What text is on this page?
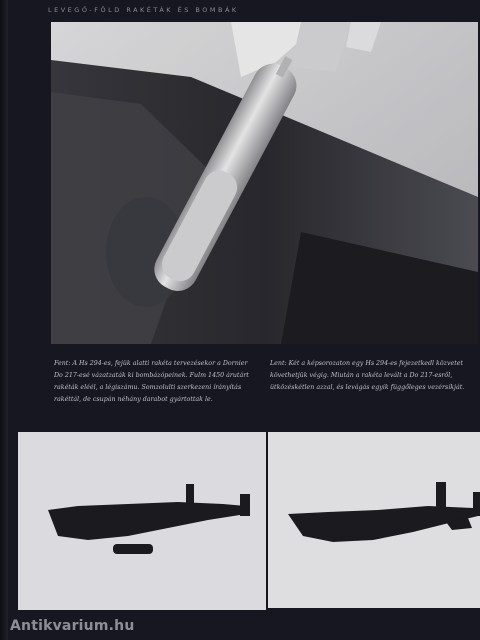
LEVEGŐ-FÖLD RAKÉTÁK ÉS BOMBÁK

Fent: A Hs 294-es, fejük alatti rakéta tervezésekor a Dornier Do 217-esé vázatzaták ki bombázópeinek. Fulm 1450 árutárt rakéták eléél, a légiszámu. Somzolulti szerkezeni írányítás rakéttál, de csupán néhány darabot gyártottak le.

Lent: Két a képsorozaton egy Hs 294-es fejezetkedl közvetet követhetjük végig. Miután a rakéta levált a Do 217-esről, ütközéskétlen azzal, és levágás egyik függőleges vezérsíkját.

Antikvarium.hu
